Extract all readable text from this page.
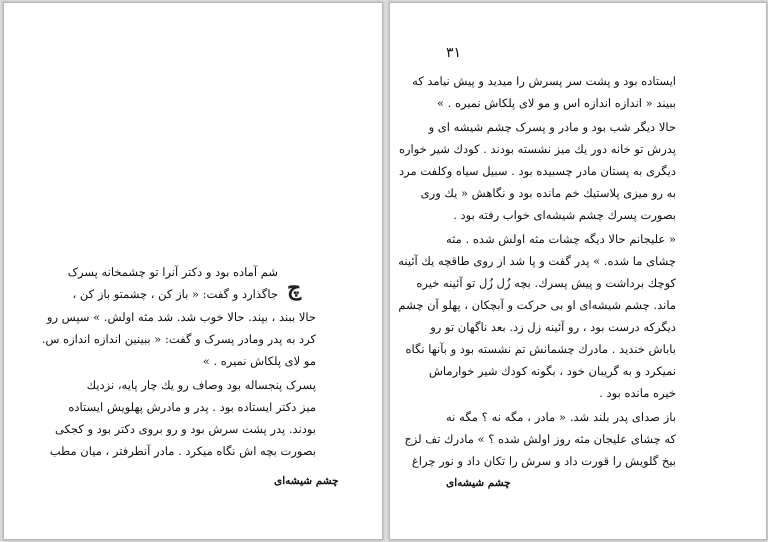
چ
شم آماده بود و دکتر آنرا تو چشمخانه پسرک
جاگذارد و گفت: « باز کن ، چشمتو باز کن ،
حالا ببند ، بپند. حالا خوب شد. شد مثه اولش. » سپس رو
کرد به پدر ومادر پسرک و گفت: « ببینین اندازه اندازه س.
مو لای پلکاش نمیره . »
پسرک پنجساله بود وصاف رو یك چار پایه، نزدیك
میز دکتر ایستاده بود . پدر و مادرش پهلویش ایستاده
بودند. پدر پشت سرش بود و رو بروی دکتر بود و کجکی
بصورت بچه اش نگاه میکرد . مادر آنطرفتر ، میان مطب
چشم شیشه‌ای
۳۱
ایستاده بود و پشت سر پسرش را میدید و پیش نیامد که
ببیند « اندازه اندازه اس و مو لای پلکاش نمیره . »
حالا دیگر شب بود و مادر و پسرک چشم شیشه ای و
پدرش تو خانه دور یك میز نشسته بودند . کودك شیر خواره
دیگری به پستان مادر چسبیده بود . سبیل سیاه وکلفت مرد
به رو میزی پلاستیك خم مانده بود و نگاهش « یك وری
بصورت پسرك چشم شیشه‌ای خواب رفته بود .
« علیجانم حالا دیگه چشات مثه اولش شده . مثه
چشای ما شده. » پدر گفت و پا شد از روی طاقچه یك آئینه
کوچك برداشت و پیش پسرك. بچه زُل زُل تو آئینه خیره
ماند. چشم شیشه‌ای او بی حرکت و آبچکان ، پهلو آن چشم
دیگرکه درست بود ، رو آئینه زل زد. بعد ناگهان تو رو
باباش خندید . مادرك چشمانش تم نشسته بود و بآنها نگاه
نمیکرد و به گریبان خود ، بگونه کودك شیر خوارماش
خیره مانده بود .
باز صدای پدر بلند شد. « مادر ، مگه نه ؟ مگه نه
که چشای علیجان مثه روز اولش شده ؟ » مادرك تف لزج
بیخ گلویش را قورت داد و سرش را تکان داد و نور چراغ
چشم شیشه‌ای
